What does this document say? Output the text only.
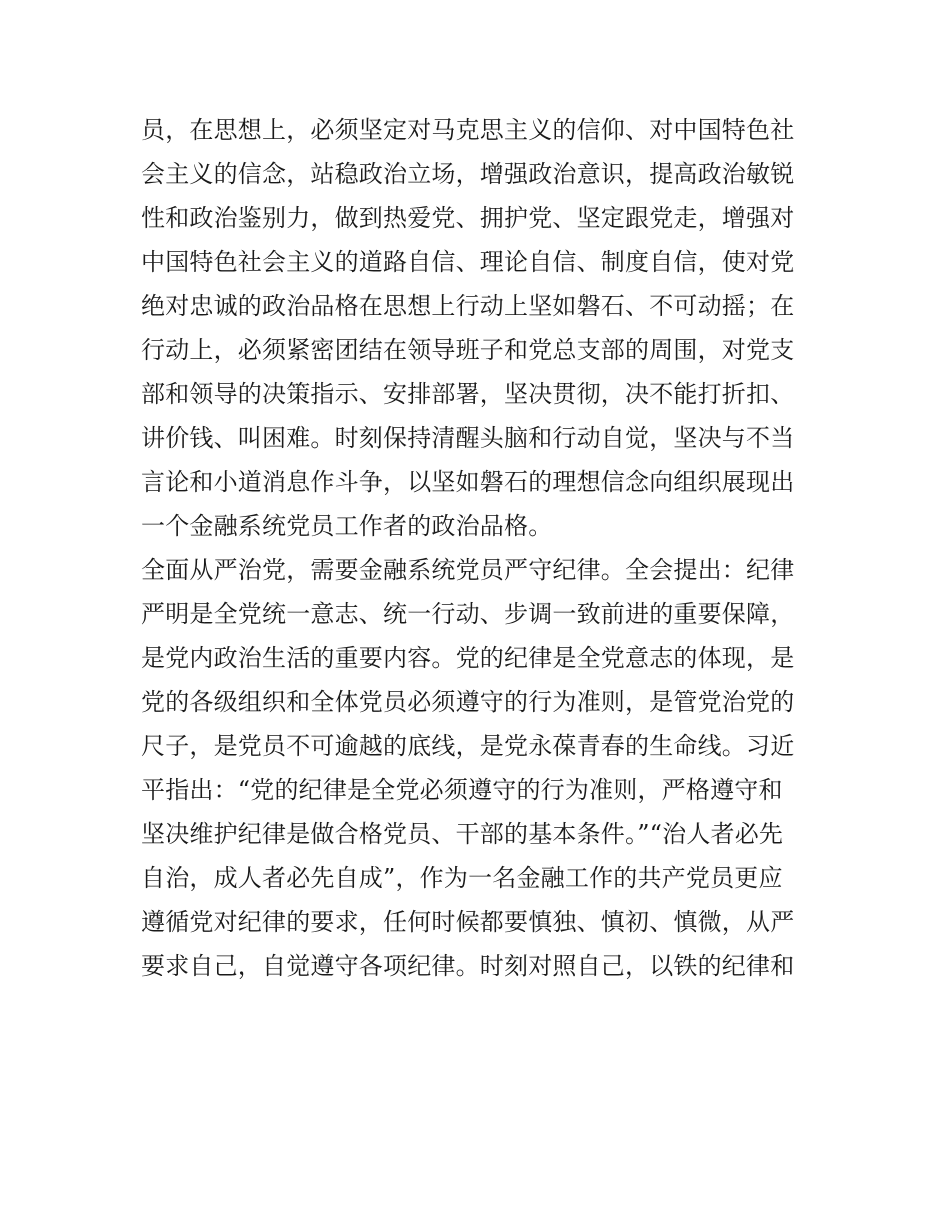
员，在思想上，必须坚定对马克思主义的信仰、对中国特色社
会主义的信念，站稳政治立场，增强政治意识，提高政治敏锐
性和政治鉴别力，做到热爱党、拥护党、坚定跟党走，增强对
中国特色社会主义的道路自信、理论自信、制度自信，使对党
绝对忠诚的政治品格在思想上行动上坚如磐石、不可动摇；在
行动上，必须紧密团结在领导班子和党总支部的周围，对党支
部和领导的决策指示、安排部署，坚决贯彻，决不能打折扣、
讲价钱、叫困难。时刻保持清醒头脑和行动自觉，坚决与不当
言论和小道消息作斗争，以坚如磐石的理想信念向组织展现出
一个金融系统党员工作者的政治品格。
全面从严治党，需要金融系统党员严守纪律。全会提出：纪律
严明是全党统一意志、统一行动、步调一致前进的重要保障，
是党内政治生活的重要内容。党的纪律是全党意志的体现，是
党的各级组织和全体党员必须遵守的行为准则，是管党治党的
尺子，是党员不可逾越的底线，是党永葆青春的生命线。习近
平指出：“党的纪律是全党必须遵守的行为准则，严格遵守和
坚决维护纪律是做合格党员、干部的基本条件。”“治人者必先
自治，成人者必先自成”，作为一名金融工作的共产党员更应
遵循党对纪律的要求，任何时候都要慎独、慎初、慎微，从严
要求自己，自觉遵守各项纪律。时刻对照自己，以铁的纪律和
